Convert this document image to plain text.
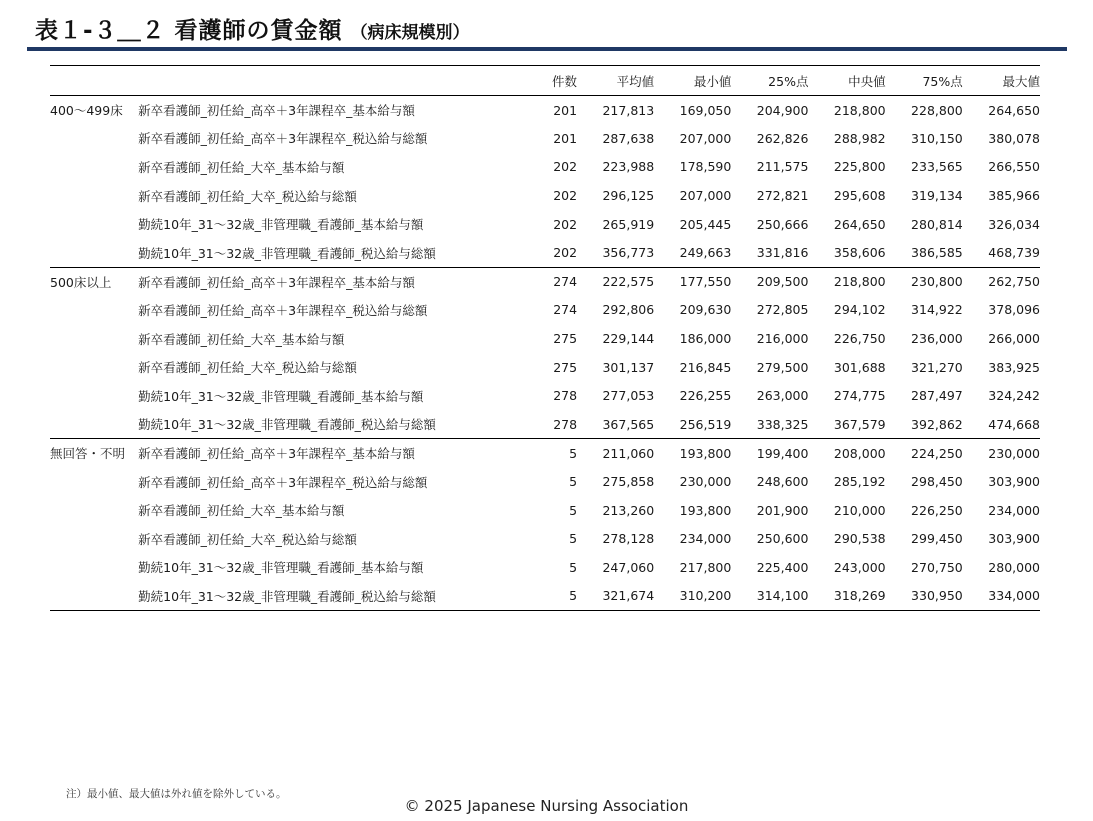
表１-３＿２ 看護師の賃金額 （病床規模別）
		件数	平均値	最小値	25%点	中央値	75%点	最大値
400～499床	新卒看護師_初任給_高卒＋3年課程卒_基本給与額	201	217,813	169,050	204,900	218,800	228,800	264,650
	新卒看護師_初任給_高卒＋3年課程卒_税込給与総額	201	287,638	207,000	262,826	288,982	310,150	380,078
	新卒看護師_初任給_大卒_基本給与額	202	223,988	178,590	211,575	225,800	233,565	266,550
	新卒看護師_初任給_大卒_税込給与総額	202	296,125	207,000	272,821	295,608	319,134	385,966
	勤続10年_31～32歳_非管理職_看護師_基本給与額	202	265,919	205,445	250,666	264,650	280,814	326,034
	勤続10年_31～32歳_非管理職_看護師_税込給与総額	202	356,773	249,663	331,816	358,606	386,585	468,739
500床以上	新卒看護師_初任給_高卒＋3年課程卒_基本給与額	274	222,575	177,550	209,500	218,800	230,800	262,750
	新卒看護師_初任給_高卒＋3年課程卒_税込給与総額	274	292,806	209,630	272,805	294,102	314,922	378,096
	新卒看護師_初任給_大卒_基本給与額	275	229,144	186,000	216,000	226,750	236,000	266,000
	新卒看護師_初任給_大卒_税込給与総額	275	301,137	216,845	279,500	301,688	321,270	383,925
	勤続10年_31～32歳_非管理職_看護師_基本給与額	278	277,053	226,255	263,000	274,775	287,497	324,242
	勤続10年_31～32歳_非管理職_看護師_税込給与総額	278	367,565	256,519	338,325	367,579	392,862	474,668
無回答・不明	新卒看護師_初任給_高卒＋3年課程卒_基本給与額	5	211,060	193,800	199,400	208,000	224,250	230,000
	新卒看護師_初任給_高卒＋3年課程卒_税込給与総額	5	275,858	230,000	248,600	285,192	298,450	303,900
	新卒看護師_初任給_大卒_基本給与額	5	213,260	193,800	201,900	210,000	226,250	234,000
	新卒看護師_初任給_大卒_税込給与総額	5	278,128	234,000	250,600	290,538	299,450	303,900
	勤続10年_31～32歳_非管理職_看護師_基本給与額	5	247,060	217,800	225,400	243,000	270,750	280,000
	勤続10年_31～32歳_非管理職_看護師_税込給与総額	5	321,674	310,200	314,100	318,269	330,950	334,000
注）最小値、最大値は外れ値を除外している。
© 2025 Japanese Nursing Association
